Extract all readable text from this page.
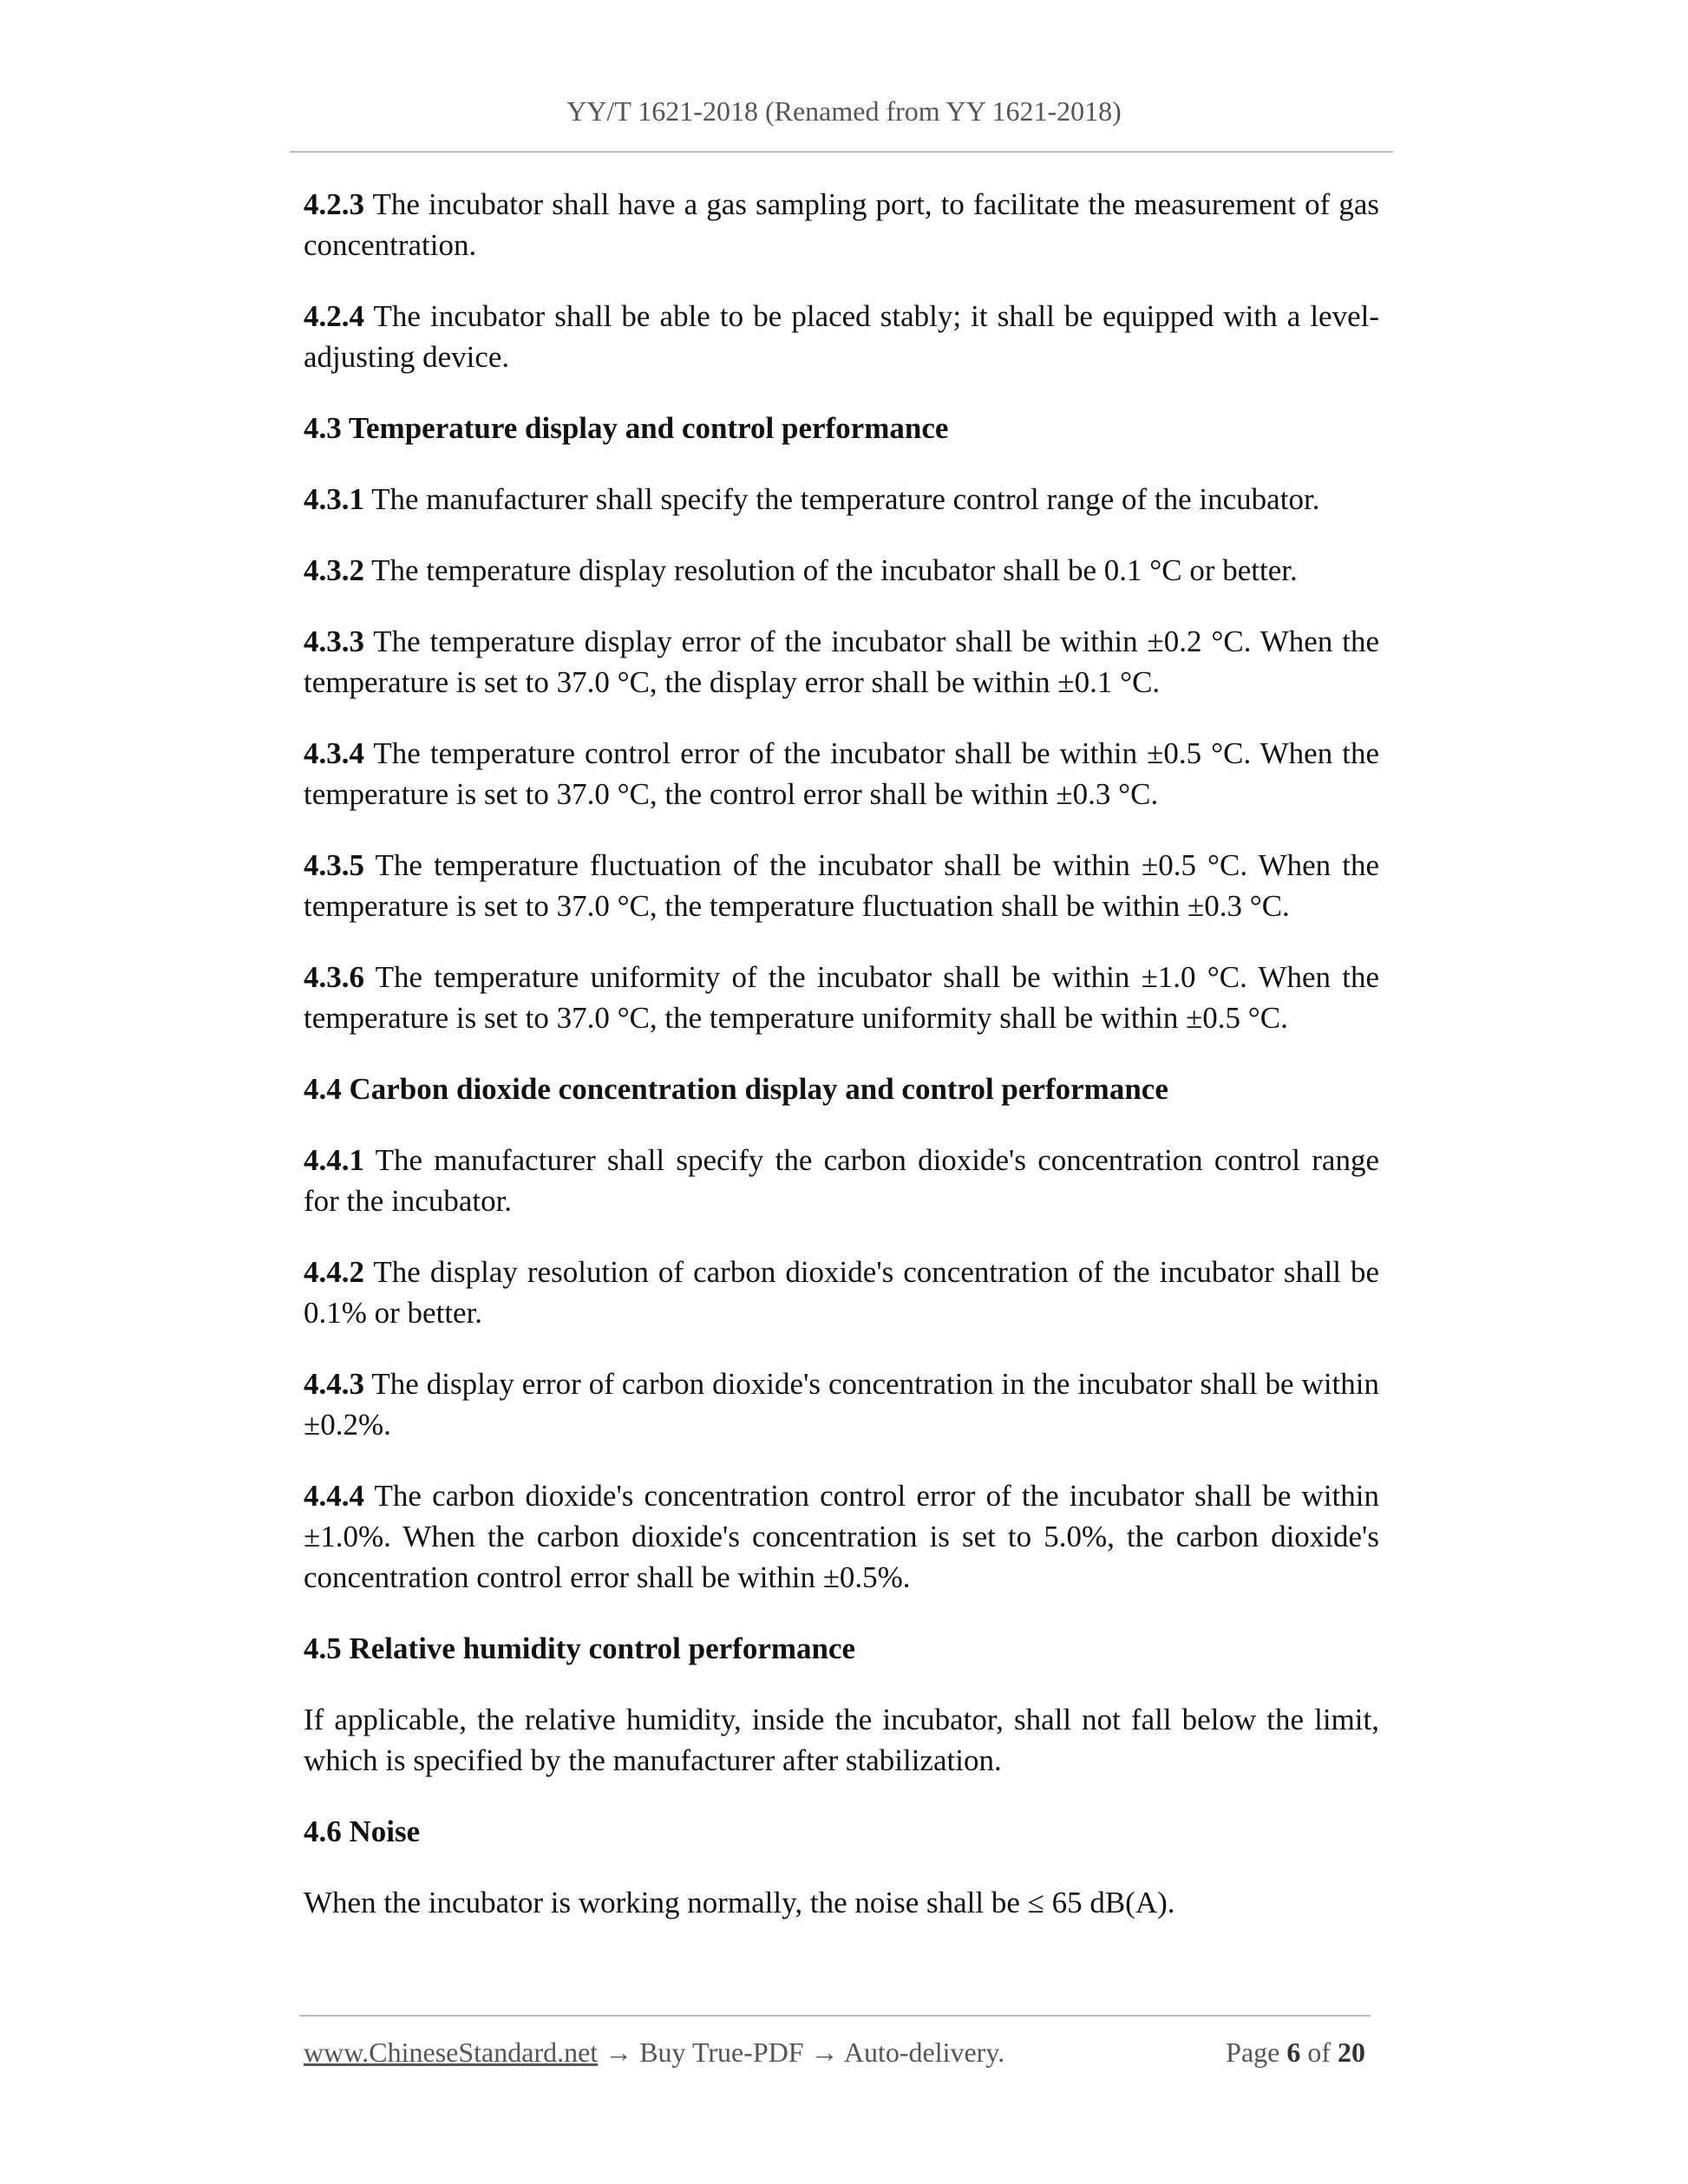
YY/T 1621-2018 (Renamed from YY 1621-2018)

4.2.3 The incubator shall have a gas sampling port, to facilitate the measurement of gas concentration.

4.2.4 The incubator shall be able to be placed stably; it shall be equipped with a level-adjusting device.

4.3 Temperature display and control performance

4.3.1 The manufacturer shall specify the temperature control range of the incubator.

4.3.2 The temperature display resolution of the incubator shall be 0.1 °C or better.

4.3.3 The temperature display error of the incubator shall be within ±0.2 °C. When the temperature is set to 37.0 °C, the display error shall be within ±0.1 °C.

4.3.4 The temperature control error of the incubator shall be within ±0.5 °C. When the temperature is set to 37.0 °C, the control error shall be within ±0.3 °C.

4.3.5 The temperature fluctuation of the incubator shall be within ±0.5 °C. When the temperature is set to 37.0 °C, the temperature fluctuation shall be within ±0.3 °C.

4.3.6 The temperature uniformity of the incubator shall be within ±1.0 °C. When the temperature is set to 37.0 °C, the temperature uniformity shall be within ±0.5 °C.

4.4 Carbon dioxide concentration display and control performance

4.4.1 The manufacturer shall specify the carbon dioxide's concentration control range for the incubator.

4.4.2 The display resolution of carbon dioxide's concentration of the incubator shall be 0.1% or better.

4.4.3 The display error of carbon dioxide's concentration in the incubator shall be within ±0.2%.

4.4.4 The carbon dioxide's concentration control error of the incubator shall be within ±1.0%. When the carbon dioxide's concentration is set to 5.0%, the carbon dioxide's concentration control error shall be within ±0.5%.

4.5 Relative humidity control performance

If applicable, the relative humidity, inside the incubator, shall not fall below the limit, which is specified by the manufacturer after stabilization.

4.6 Noise

When the incubator is working normally, the noise shall be ≤ 65 dB(A).

www.ChineseStandard.net → Buy True-PDF → Auto-delivery.	Page 6 of 20
